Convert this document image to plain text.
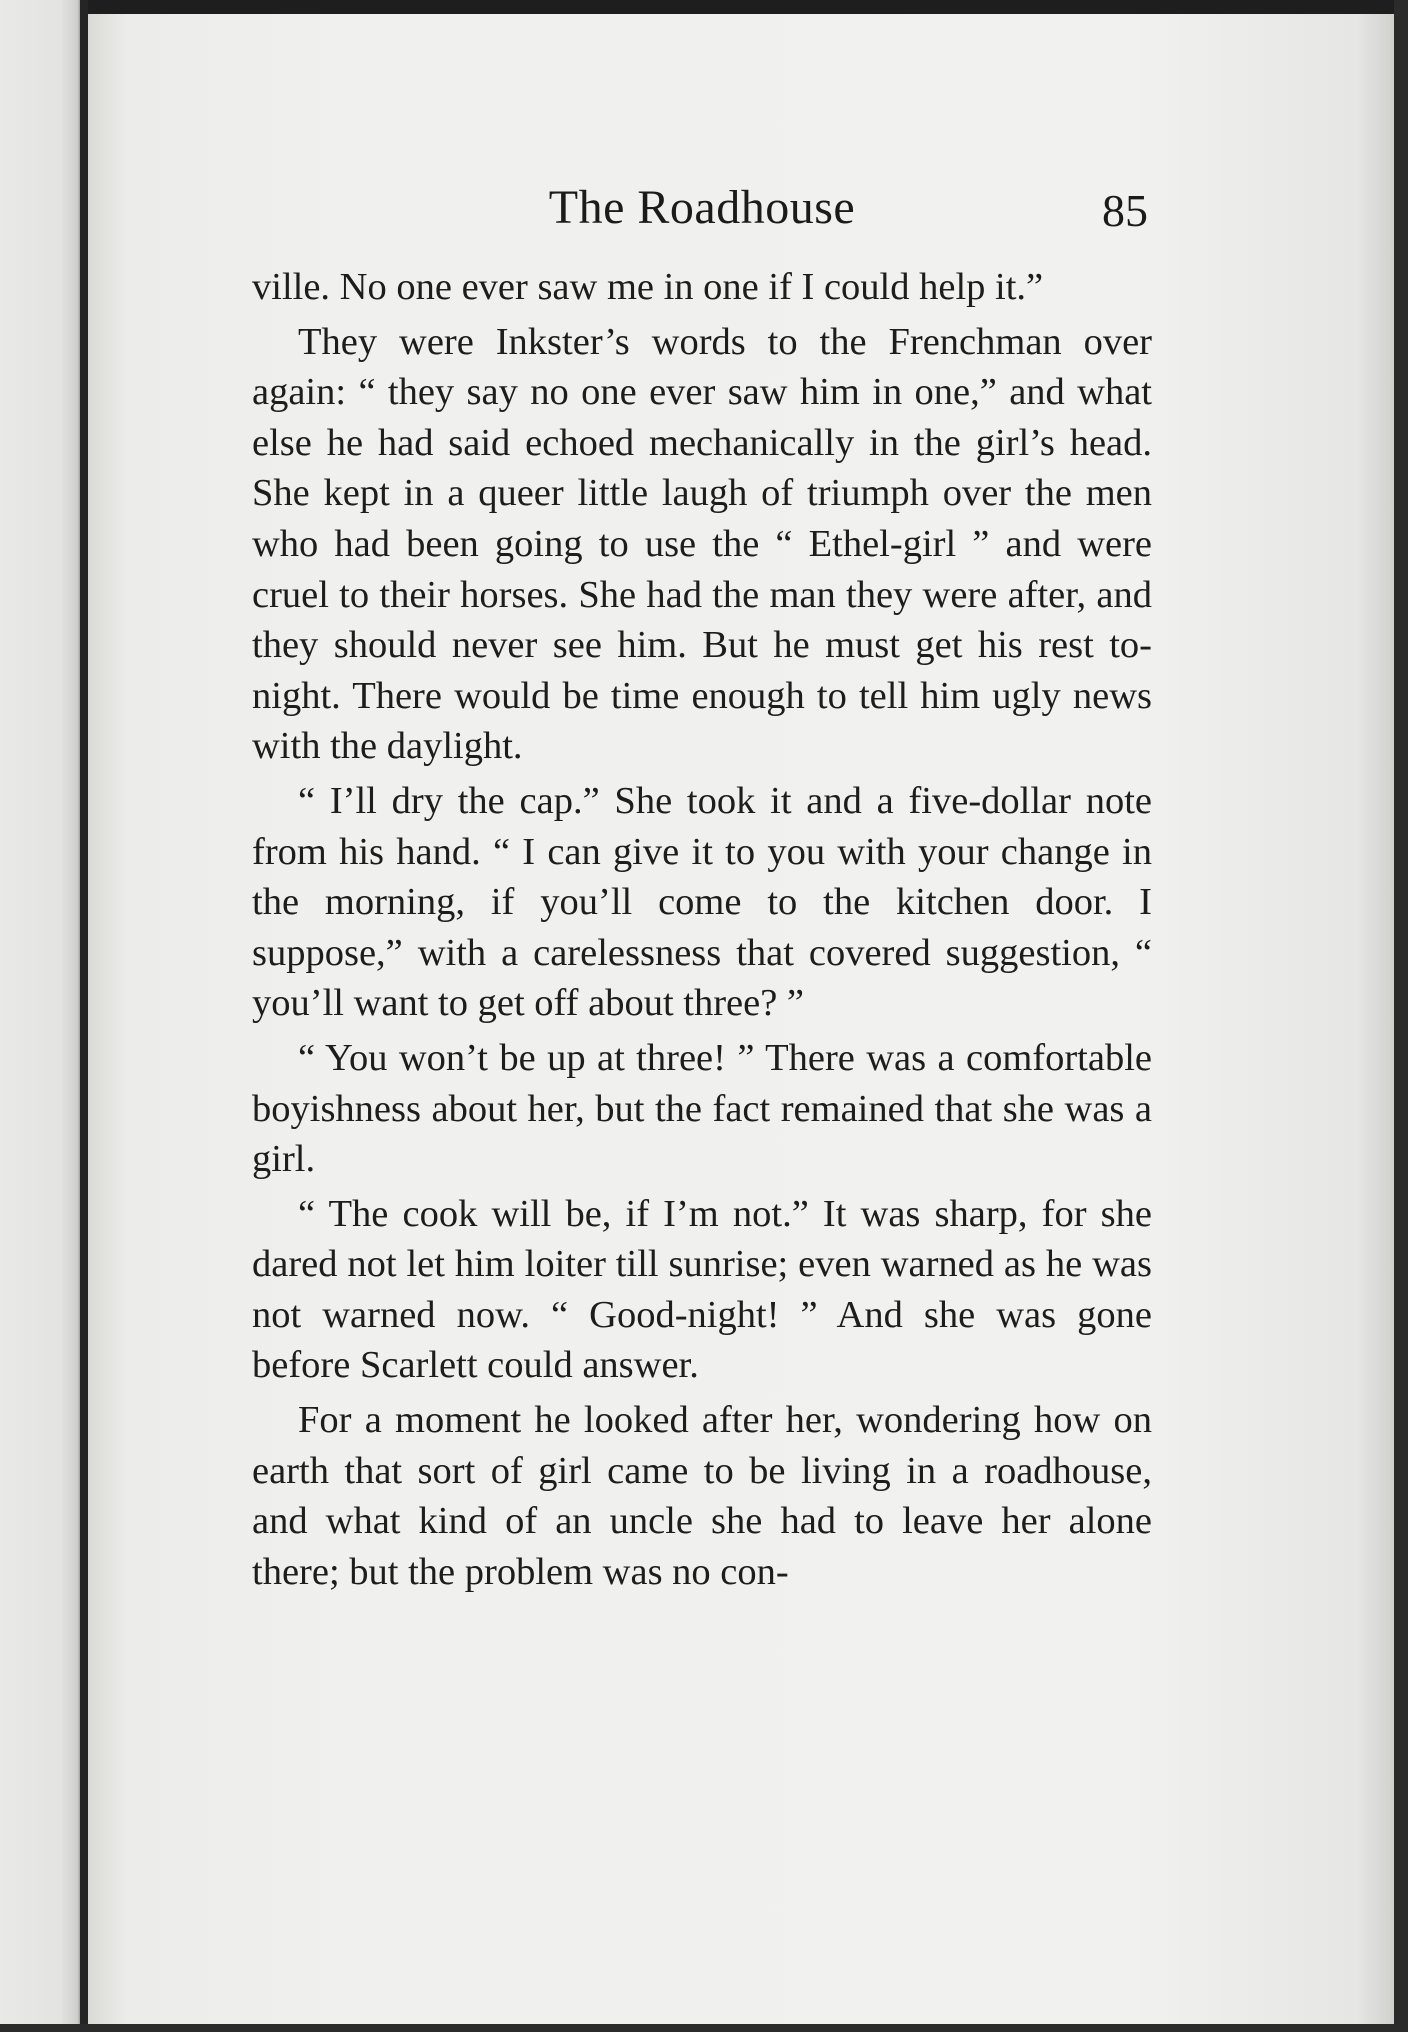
The Roadhouse	85

ville. No one ever saw me in one if I could help it.”

They were Inkster’s words to the Frenchman over again: “ they say no one ever saw him in one,” and what else he had said echoed mechanically in the girl’s head. She kept in a queer little laugh of triumph over the men who had been going to use the “ Ethel-girl ” and were cruel to their horses. She had the man they were after, and they should never see him. But he must get his rest to-night. There would be time enough to tell him ugly news with the daylight.

“ I’ll dry the cap.” She took it and a five-dollar note from his hand. “ I can give it to you with your change in the morning, if you’ll come to the kitchen door. I suppose,” with a carelessness that covered suggestion, “ you’ll want to get off about three? ”

“ You won’t be up at three! ” There was a comfortable boyishness about her, but the fact remained that she was a girl.

“ The cook will be, if I’m not.” It was sharp, for she dared not let him loiter till sunrise; even warned as he was not warned now. “ Good-night! ” And she was gone before Scarlett could answer.

For a moment he looked after her, wondering how on earth that sort of girl came to be living in a roadhouse, and what kind of an uncle she had to leave her alone there; but the problem was no con-
